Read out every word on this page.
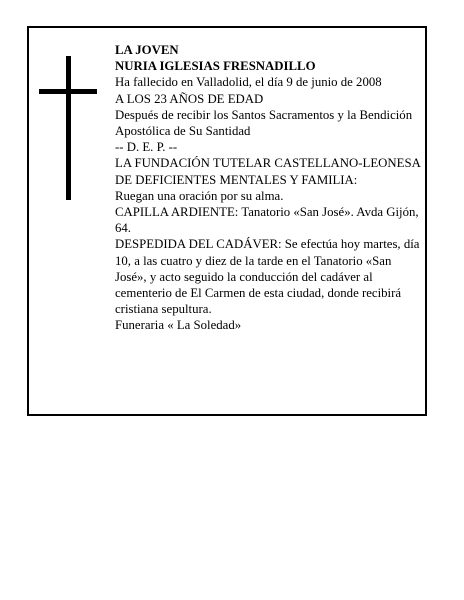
LA JOVEN

NURIA IGLESIAS FRESNADILLO

Ha fallecido en Valladolid, el día 9 de junio de 2008

A LOS 23 AÑOS DE EDAD

Después de recibir los Santos Sacramentos y la Bendición Apostólica de Su Santidad

-- D. E. P. --

LA FUNDACIÓN TUTELAR CASTELLANO-LEONESA DE DEFICIENTES MENTALES Y FAMILIA:

Ruegan una oración por su alma.

CAPILLA ARDIENTE: Tanatorio «San José». Avda Gijón, 64.

DESPEDIDA DEL CADÁVER: Se efectúa hoy martes, día 10, a las cuatro y diez de la tarde en el Tanatorio «San José», y acto seguido la conducción del cadáver al cementerio de El Carmen de esta ciudad, donde recibirá cristiana sepultura.

Funeraria « La Soledad»
